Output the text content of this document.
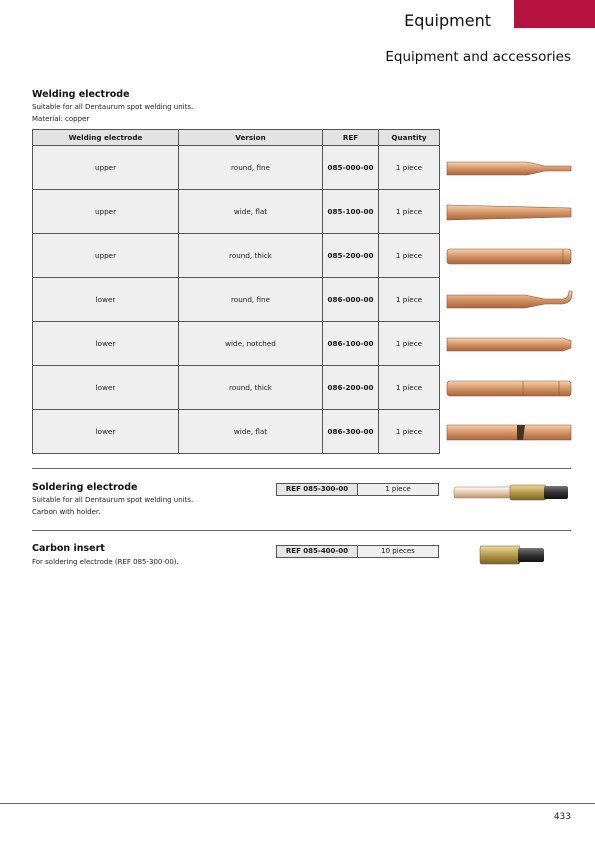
Equipment
Equipment and accessories
Welding electrode
Suitable for all Dentaurum spot welding units.
Material: copper
Welding electrode	Version	REF	Quantity
upper	round, fine	085-000-00	1 piece
upper	wide, flat	085-100-00	1 piece
upper	round, thick	085-200-00	1 piece
lower	round, fine	086-000-00	1 piece
lower	wide, notched	086-100-00	1 piece
lower	round, thick	086-200-00	1 piece
lower	wide, flat	086-300-00	1 piece
Soldering electrode
Suitable for all Dentaurum spot welding units.
Carbon with holder.
REF 085-300-00	1 piece
Carbon insert
For soldering electrode (REF 085-300-00).
REF 085-400-00	10 pieces
433
